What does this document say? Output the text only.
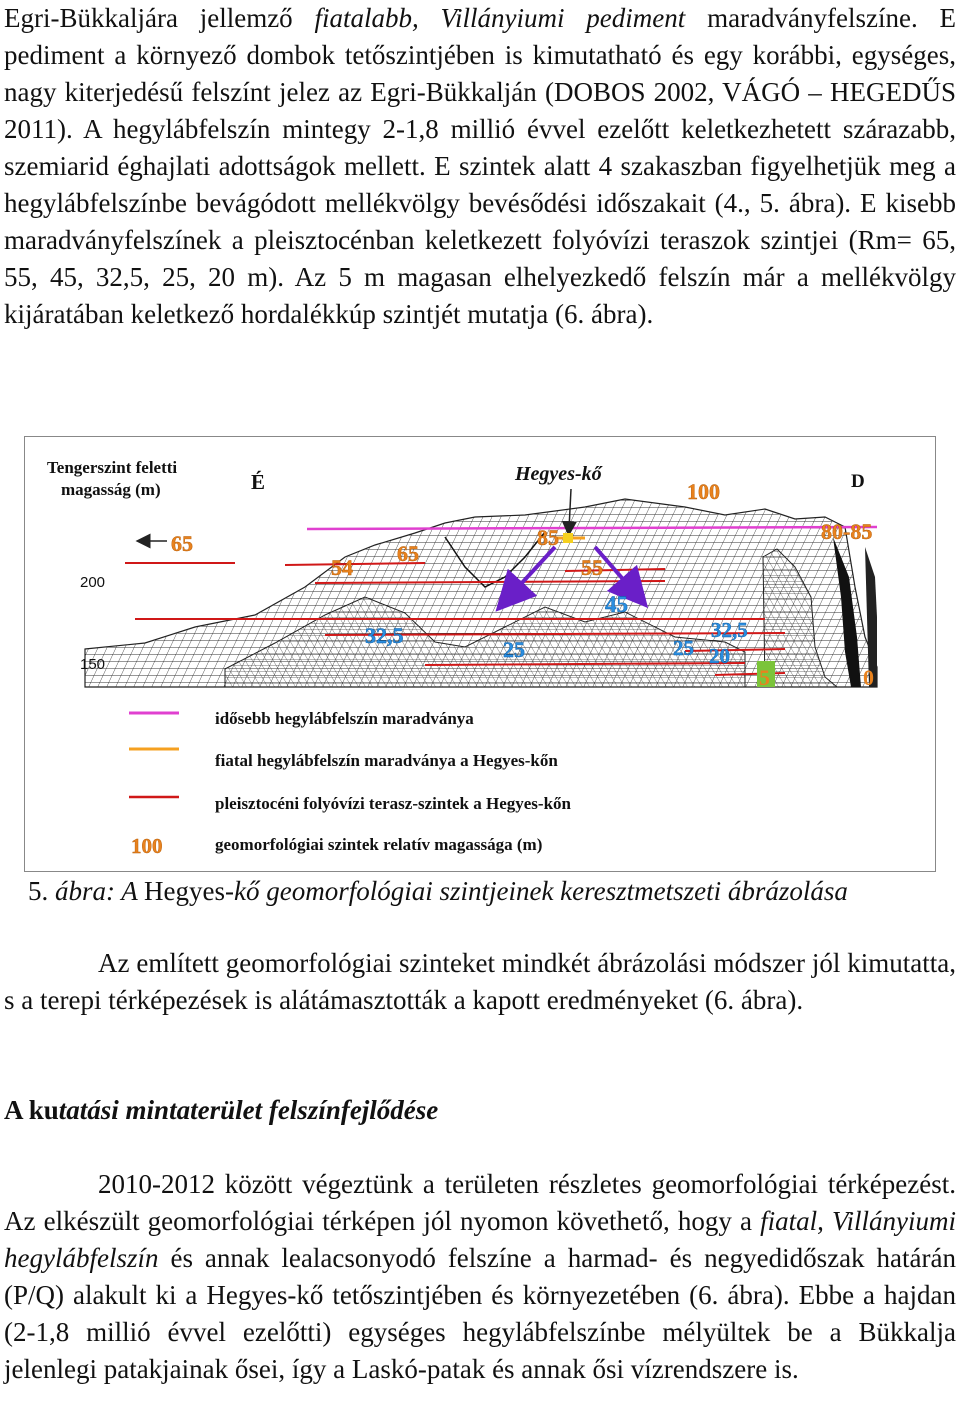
Egri-Bükkaljára jellemző fiatalabb, Villányiumi pediment maradványfelszíne. E pediment a környező dombok tetőszintjében is kimutatható és egy korábbi, egységes, nagy kiterjedésű felszínt jelez az Egri-Bükkalján (DOBOS 2002, VÁGÓ – HEGEDŰS 2011). A hegylábfelszín mintegy 2-1,8 millió évvel ezelőtt keletkezhetett szárazabb, szemiarid éghajlati adottságok mellett. E szintek alatt 4 szakaszban figyelhetjük meg a hegylábfelszínbe bevágódott mellékvölgy bevésődési időszakait (4., 5. ábra). E kisebb maradványfelszínek a pleisztocénban keletkezett folyóvízi teraszok szintjei (Rm= 65, 55, 45, 32,5, 25, 20 m). Az 5 m magasan elhelyezkedő felszín már a mellékvölgy kijáratában keletkező hordalékkúp szintjét mutatja (6. ábra).

Tengerszint feletti
magasság (m)	É	D
Hegyes-kő
200
150
100
65
54
65
85
55
80-85
45
32,5
25
32,5
25 20
5	0
idősebb hegylábfelszín maradványa
fiatal hegylábfelszín maradványa a Hegyes-kőn
pleisztocéni folyóvízi terasz-szintek a Hegyes-kőn
100	geomorfológiai szintek relatív magassága (m)
5. ábra: A Hegyes-kő geomorfológiai szintjeinek keresztmetszeti ábrázolása

Az említett geomorfológiai szinteket mindkét ábrázolási módszer jól kimutatta, s a terepi térképezések is alátámasztották a kapott eredményeket (6. ábra).

A kutatási mintaterület felszínfejlődése

2010-2012 között végeztünk a területen részletes geomorfológiai térképezést. Az elkészült geomorfológiai térképen jól nyomon követhető, hogy a fiatal, Villányiumi hegylábfelszín és annak lealacsonyodó felszíne a harmad- és negyedidőszak határán (P/Q) alakult ki a Hegyes-kő tetőszintjében és környezetében (6. ábra). Ebbe a hajdan (2-1,8 millió évvel ezelőtti) egységes hegylábfelszínbe mélyültek be a Bükkalja jelenlegi patakjainak ősei, így a Laskó-patak és annak ősi vízrendszere is.
